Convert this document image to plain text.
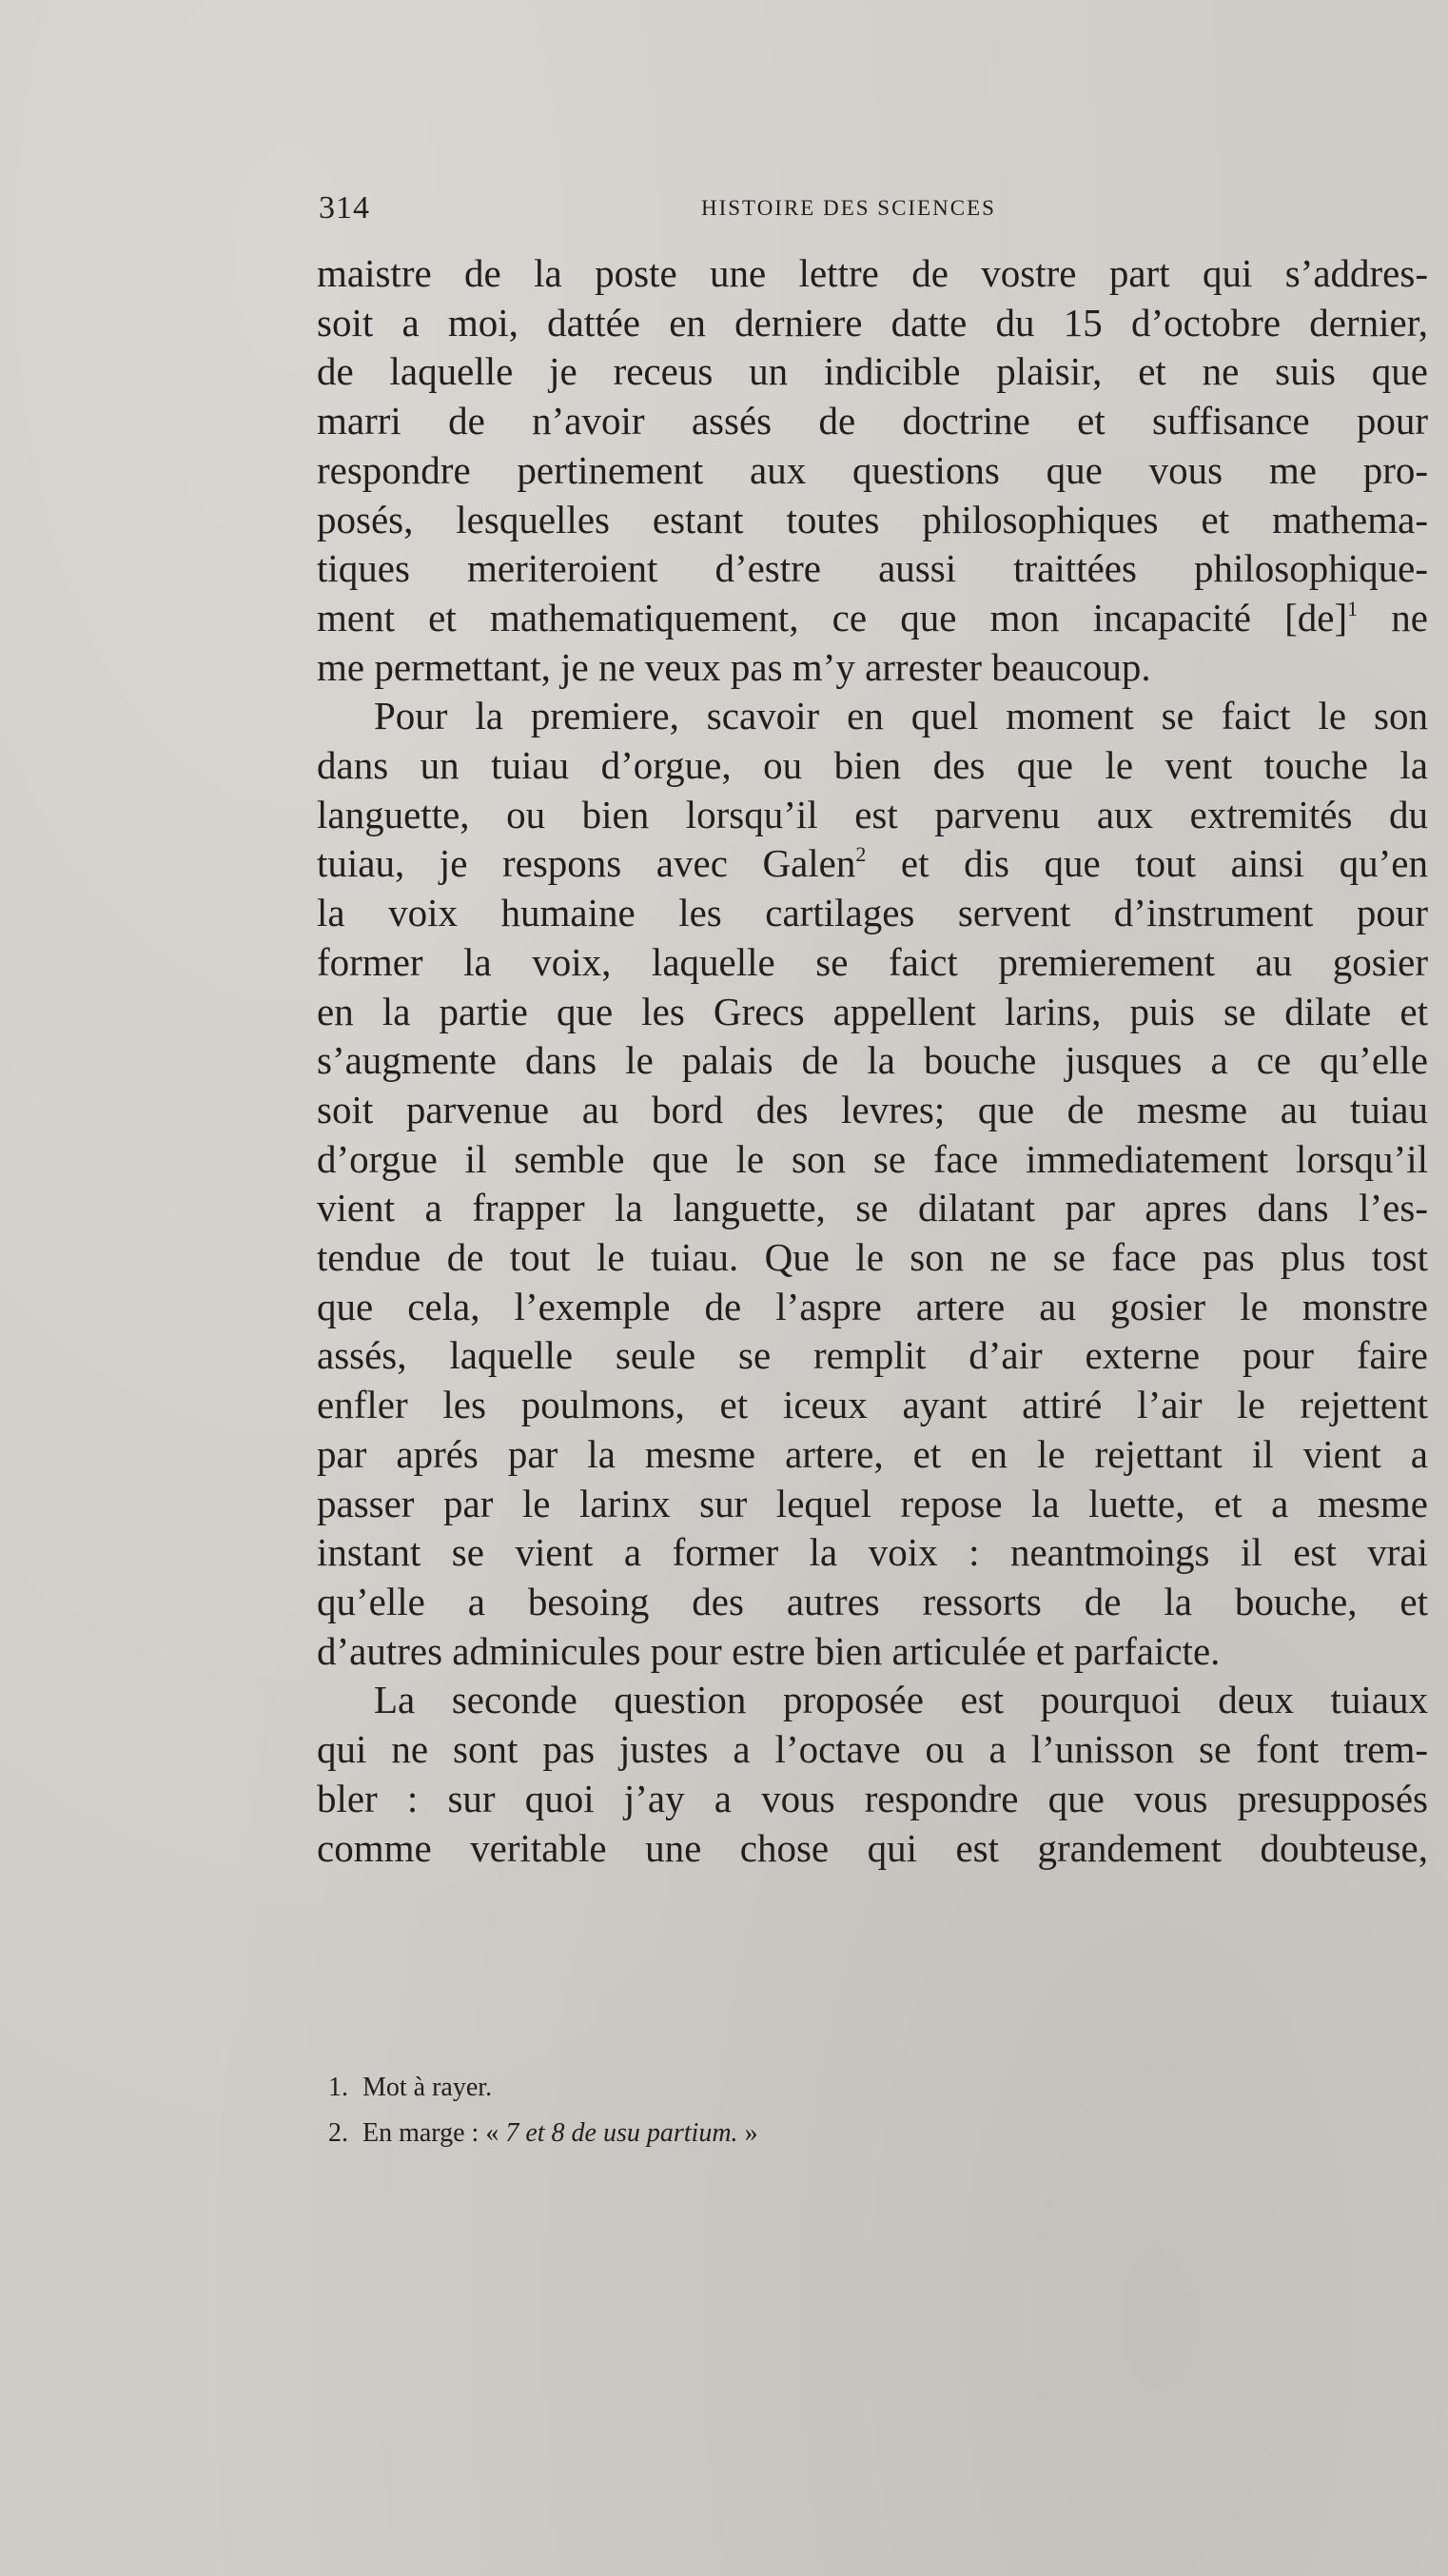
314	HISTOIRE DES SCIENCES
maistre de la poste une lettre de vostre part qui s’addres-
soit a moi, dattée en derniere datte du 15 d’octobre dernier,
de laquelle je receus un indicible plaisir, et ne suis que
marri de n’avoir assés de doctrine et suffisance pour
respondre pertinement aux questions que vous me pro-
posés, lesquelles estant toutes philosophiques et mathema-
tiques meriteroient d’estre aussi traittées philosophique-
ment et mathematiquement, ce que mon incapacité [de]$^1$ ne
me permettant, je ne veux pas m’y arrester beaucoup.
Pour la premiere, scavoir en quel moment se faict le son
dans un tuiau d’orgue, ou bien des que le vent touche la
languette, ou bien lorsqu’il est parvenu aux extremités du
tuiau, je respons avec Galen$^2$ et dis que tout ainsi qu’en
la voix humaine les cartilages servent d’instrument pour
former la voix, laquelle se faict premierement au gosier
en la partie que les Grecs appellent larins, puis se dilate et
s’augmente dans le palais de la bouche jusques a ce qu’elle
soit parvenue au bord des levres; que de mesme au tuiau
d’orgue il semble que le son se face immediatement lorsqu’il
vient a frapper la languette, se dilatant par apres dans l’es-
tendue de tout le tuiau. Que le son ne se face pas plus tost
que cela, l’exemple de l’aspre artere au gosier le monstre
assés, laquelle seule se remplit d’air externe pour faire
enfler les poulmons, et iceux ayant attiré l’air le rejettent
par aprés par la mesme artere, et en le rejettant il vient a
passer par le larinx sur lequel repose la luette, et a mesme
instant se vient a former la voix : neantmoings il est vrai
qu’elle a besoing des autres ressorts de la bouche, et
d’autres adminicules pour estre bien articulée et parfaicte.
La seconde question proposée est pourquoi deux tuiaux
qui ne sont pas justes a l’octave ou a l’unisson se font trem-
bler : sur quoi j’ay a vous respondre que vous presupposés
comme veritable une chose qui est grandement doubteuse,
1. Mot à rayer.
2. En marge : « 7 et 8 de usu partium. »
